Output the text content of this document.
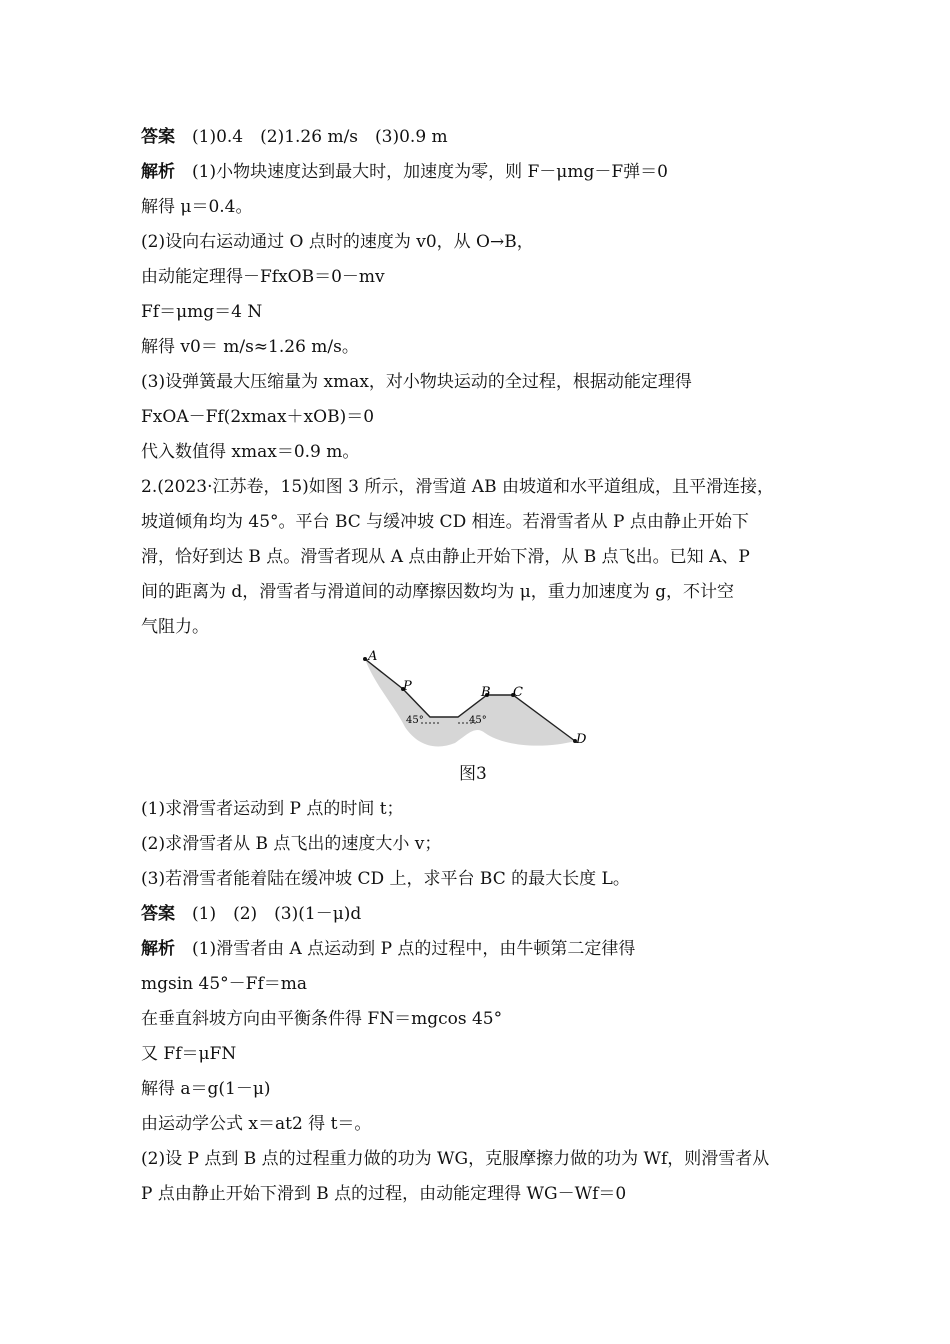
答案　 (1)0.4　(2)1.26 m/s　(3)0.9 m
解析　 (1)小物块速度达到最大时，加速度为零，则 F－μmg－F弹＝0
解得 μ＝0.4。
(2)设向右运动通过 O 点时的速度为 v0，从 O→B，
由动能定理得－FfxOB＝0－mv
Ff＝μmg＝4 N
解得 v0＝ m/s≈1.26 m/s。
(3)设弹簧最大压缩量为 xmax，对小物块运动的全过程，根据动能定理得
FxOA－Ff(2xmax＋xOB)＝0
代入数值得 xmax＝0.9 m。
2.(2023·江苏卷，15)如图 3 所示，滑雪道 AB 由坡道和水平道组成，且平滑连接，
坡道倾角均为 45°。平台 BC 与缓冲坡 CD 相连。若滑雪者从 P 点由静止开始下
滑，恰好到达 B 点。滑雪者现从 A 点由静止开始下滑，从 B 点飞出。已知 A、P
间的距离为 d，滑雪者与滑道间的动摩擦因数均为 μ，重力加速度为 g，不计空
气阻力。
A
P	B C
D
45°	45°
图3
(1)求滑雪者运动到 P 点的时间 t；
(2)求滑雪者从 B 点飞出的速度大小 v；
(3)若滑雪者能着陆在缓冲坡 CD 上，求平台 BC 的最大长度 L。
答案　 (1)　(2)　(3)(1－μ)d
解析　 (1)滑雪者由 A 点运动到 P 点的过程中，由牛顿第二定律得
mgsin 45°－Ff＝ma
在垂直斜坡方向由平衡条件得 FN＝mgcos 45°
又 Ff＝μFN
解得 a＝g(1－μ)
由运动学公式 x＝at2 得 t＝。
(2)设 P 点到 B 点的过程重力做的功为 WG，克服摩擦力做的功为 Wf，则滑雪者从
P 点由静止开始下滑到 B 点的过程，由动能定理得 WG－Wf＝0
